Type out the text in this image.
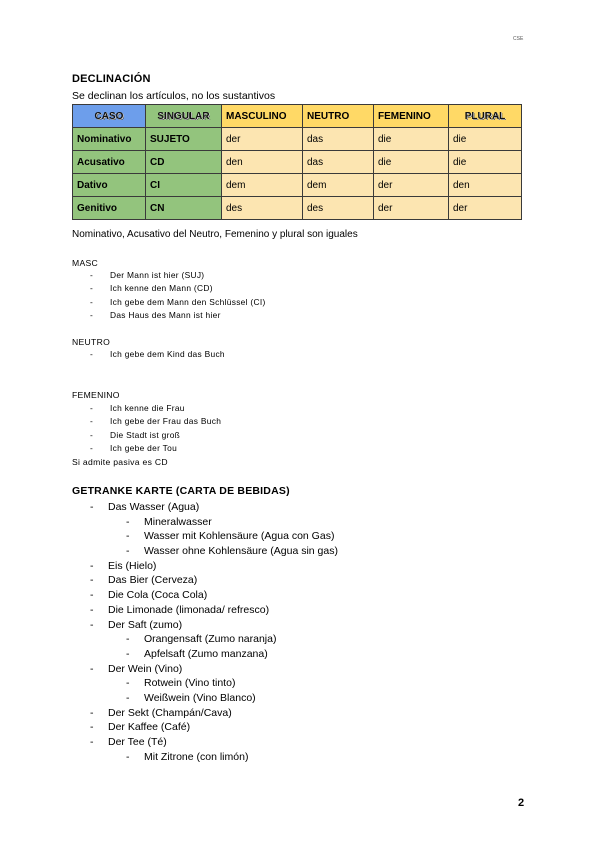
CSE
DECLINACIÓN
Se declinan los artículos, no los sustantivos
CASO	SINGULAR	MASCULINO	NEUTRO	FEMENINO	PLURAL
Nominativo	SUJETO	der	das	die	die
Acusativo	CD	den	das	die	die
Dativo	CI	dem	dem	der	den
Genitivo	CN	des	des	der	der
Nominativo, Acusativo del Neutro, Femenino y plural son iguales
MASC
- Der Mann ist hier (SUJ)
- Ich kenne den Mann (CD)
- Ich gebe dem Mann den Schlüssel (CI)
- Das Haus des Mann ist hier
NEUTRO
- Ich gebe dem Kind das Buch
FEMENINO
- Ich kenne die Frau
- Ich gebe der Frau das Buch
- Die Stadt ist groß
- Ich gebe der Tou
Si admite pasiva es CD
GETRANKE KARTE (CARTA DE BEBIDAS)
- Das Wasser (Agua)
- Mineralwasser
- Wasser mit Kohlensäure (Agua con Gas)
- Wasser ohne Kohlensäure (Agua sin gas)
- Eis (Hielo)
- Das Bier (Cerveza)
- Die Cola (Coca Cola)
- Die Limonade (limonada/ refresco)
- Der Saft (zumo)
- Orangensaft (Zumo naranja)
- Apfelsaft (Zumo manzana)
- Der Wein (Vino)
- Rotwein (Vino tinto)
- Weißwein (Vino Blanco)
- Der Sekt (Champán/Cava)
- Der Kaffee (Café)
- Der Tee (Té)
- Mit Zitrone (con limón)
2
